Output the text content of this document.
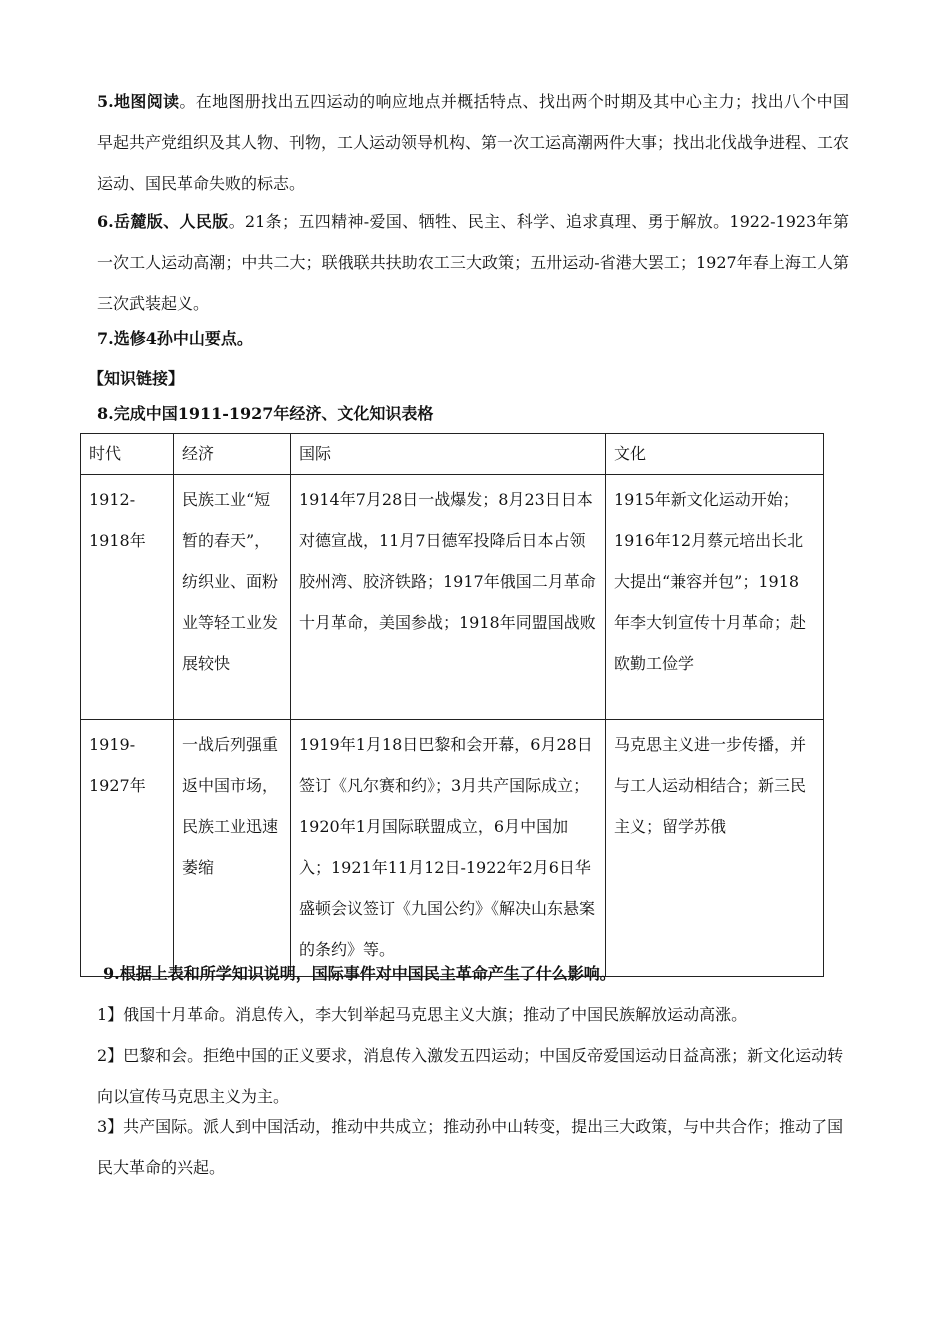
5.地图阅读。在地图册找出五四运动的响应地点并概括特点、找出两个时期及其中心主力；找出八个中国早起共产党组织及其人物、刊物，工人运动领导机构、第一次工运高潮两件大事；找出北伐战争进程、工农运动、国民革命失败的标志。

6.岳麓版、人民版。21条；五四精神-爱国、牺牲、民主、科学、追求真理、勇于解放。1922-1923年第一次工人运动高潮；中共二大；联俄联共扶助农工三大政策；五卅运动-省港大罢工；1927年春上海工人第三次武装起义。

7.选修4孙中山要点。

【知识链接】

8.完成中国1911-1927年经济、文化知识表格

时代	经济	国际	文化
1912-1918年	民族工业“短暂的春天”，纺织业、面粉业等轻工业发展较快	1914年7月28日一战爆发；8月23日日本对德宣战，11月7日德军投降后日本占领胶州湾、胶济铁路；1917年俄国二月革命十月革命，美国参战；1918年同盟国战败	1915年新文化运动开始；1916年12月蔡元培出长北大提出“兼容并包”；1918年李大钊宣传十月革命；赴欧勤工俭学
1919-1927年	一战后列强重返中国市场，民族工业迅速萎缩	1919年1月18日巴黎和会开幕，6月28日签订《凡尔赛和约》；3月共产国际成立；1920年1月国际联盟成立，6月中国加入；1921年11月12日-1922年2月6日华盛顿会议签订《九国公约》《解决山东悬案的条约》等。	马克思主义进一步传播，并与工人运动相结合；新三民主义；留学苏俄

9.根据上表和所学知识说明，国际事件对中国民主革命产生了什么影响。

1】俄国十月革命。消息传入，李大钊举起马克思主义大旗；推动了中国民族解放运动高涨。

2】巴黎和会。拒绝中国的正义要求，消息传入激发五四运动；中国反帝爱国运动日益高涨；新文化运动转向以宣传马克思主义为主。

3】共产国际。派人到中国活动，推动中共成立；推动孙中山转变，提出三大政策，与中共合作；推动了国民大革命的兴起。
